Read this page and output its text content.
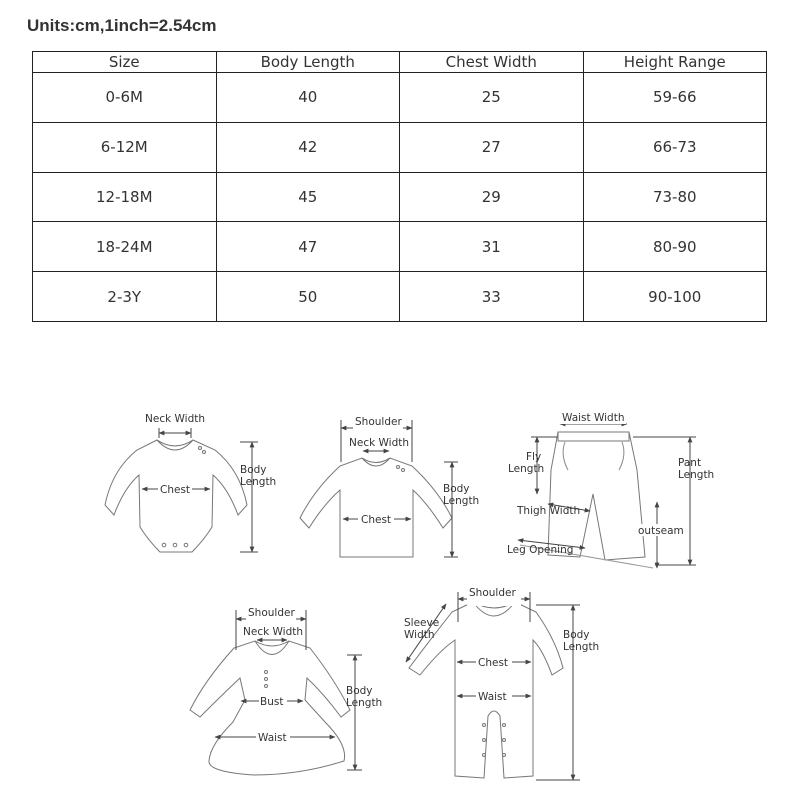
Units:cm,1inch=2.54cm
Size	Body Length	Chest Width	Height Range
0-6M	40	25	59-66
6-12M	42	27	66-73
12-18M	45	29	73-80
18-24M	47	31	80-90
2-3Y	50	33	90-100
Neck Width
Chest
Body
Length
Shoulder
Neck Width
Chest
Body
Length
Waist Width
Fly
Length	Pant
Length
Thigh Width
outseam
Leg Opening
Shoulder
Neck Width
Bust
Waist
Body
Length
Shoulder
Sleeve
Width
Chest
Waist
Body
Length
